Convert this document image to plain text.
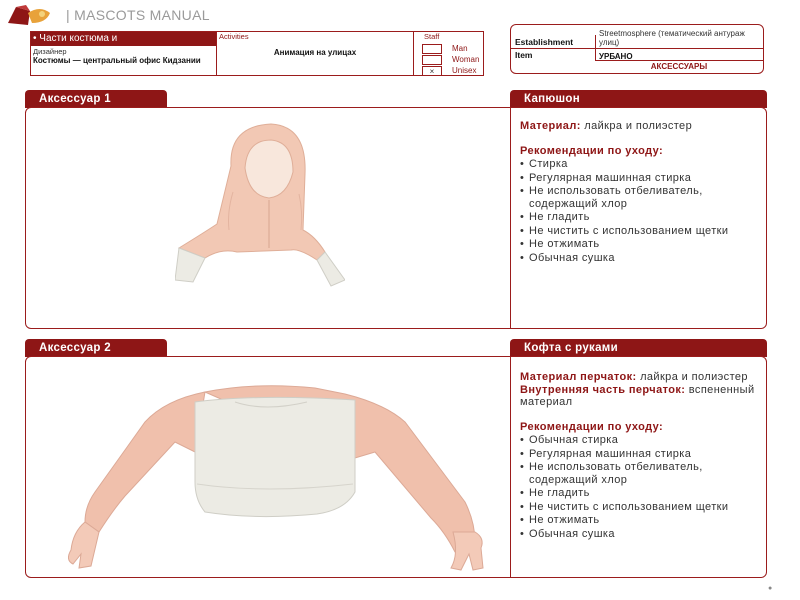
| MASCOTS MANUAL
• Части костюма и
Дизайнер
Костюмы — центральный офис Кидзании
Activities
Анимация на улицах
Staff
Man
Woman
×	Unisex
Establishment
Streetmosphere (тематический антураж улиц)
Item	УРБАНО
АКСЕССУАРЫ
Аксессуар 1	Капюшон
Материал: лайкра и полиэстер
Рекомендации по уходу:
• Стирка
• Регулярная машинная стирка
• Не использовать отбеливатель, содержащий хлор
• Не гладить
• Не чистить с использованием щетки
• Не отжимать
• Обычная сушка
Аксессуар 2	Кофта с руками
Материал перчаток: лайкра и полиэстер
Внутренняя часть перчаток: вспененный материал
Рекомендации по уходу:
• Обычная стирка
• Регулярная машинная стирка
• Не использовать отбеливатель, содержащий хлор
• Не гладить
• Не чистить с использованием щетки
• Не отжимать
• Обычная сушка
●
